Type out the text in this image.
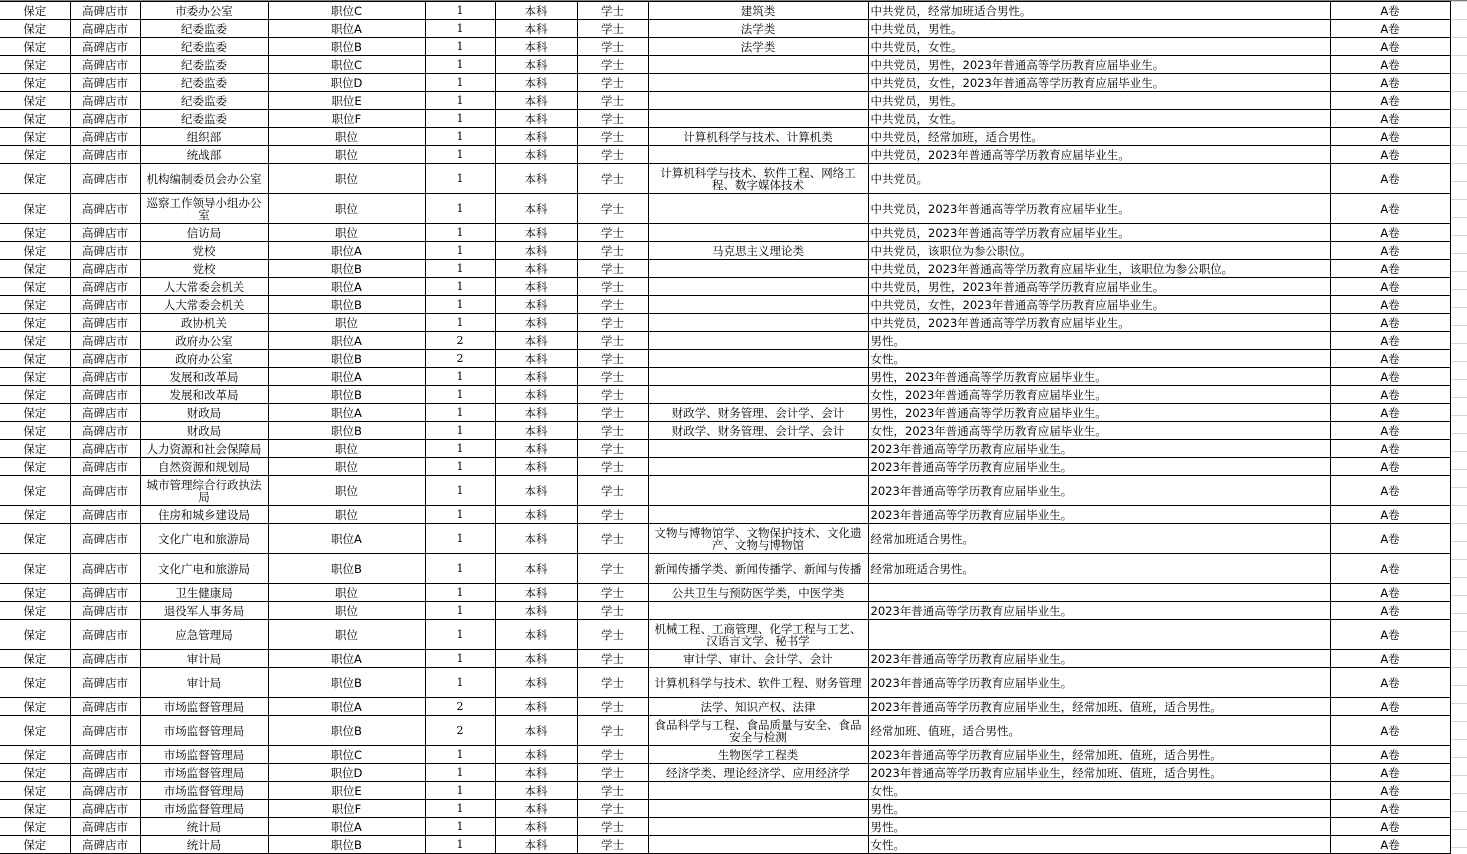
保定	高碑店市	市委办公室	职位C	1	本科	学士	建筑类	中共党员，经常加班适合男性。	A卷
保定	高碑店市	纪委监委	职位A	1	本科	学士	法学类	中共党员，男性。	A卷
保定	高碑店市	纪委监委	职位B	1	本科	学士	法学类	中共党员，女性。	A卷
保定	高碑店市	纪委监委	职位C	1	本科	学士		中共党员，男性，2023年普通高等学历教育应届毕业生。	A卷
保定	高碑店市	纪委监委	职位D	1	本科	学士		中共党员，女性，2023年普通高等学历教育应届毕业生。	A卷
保定	高碑店市	纪委监委	职位E	1	本科	学士		中共党员，男性。	A卷
保定	高碑店市	纪委监委	职位F	1	本科	学士		中共党员，女性。	A卷
保定	高碑店市	组织部	职位	1	本科	学士	计算机科学与技术、计算机类	中共党员，经常加班，适合男性。	A卷
保定	高碑店市	统战部	职位	1	本科	学士		中共党员，2023年普通高等学历教育应届毕业生。	A卷
保定	高碑店市	机构编制委员会办公室	职位	1	本科	学士	计算机科学与技术、软件工程、网络工程、数字媒体技术	中共党员。	A卷
保定	高碑店市	巡察工作领导小组办公室	职位	1	本科	学士		中共党员，2023年普通高等学历教育应届毕业生。	A卷
保定	高碑店市	信访局	职位	1	本科	学士		中共党员，2023年普通高等学历教育应届毕业生。	A卷
保定	高碑店市	党校	职位A	1	本科	学士	马克思主义理论类	中共党员，该职位为参公职位。	A卷
保定	高碑店市	党校	职位B	1	本科	学士		中共党员，2023年普通高等学历教育应届毕业生，该职位为参公职位。	A卷
保定	高碑店市	人大常委会机关	职位A	1	本科	学士		中共党员，男性，2023年普通高等学历教育应届毕业生。	A卷
保定	高碑店市	人大常委会机关	职位B	1	本科	学士		中共党员，女性，2023年普通高等学历教育应届毕业生。	A卷
保定	高碑店市	政协机关	职位	1	本科	学士		中共党员，2023年普通高等学历教育应届毕业生。	A卷
保定	高碑店市	政府办公室	职位A	2	本科	学士		男性。	A卷
保定	高碑店市	政府办公室	职位B	2	本科	学士		女性。	A卷
保定	高碑店市	发展和改革局	职位A	1	本科	学士		男性，2023年普通高等学历教育应届毕业生。	A卷
保定	高碑店市	发展和改革局	职位B	1	本科	学士		女性，2023年普通高等学历教育应届毕业生。	A卷
保定	高碑店市	财政局	职位A	1	本科	学士	财政学、财务管理、会计学、会计	男性，2023年普通高等学历教育应届毕业生。	A卷
保定	高碑店市	财政局	职位B	1	本科	学士	财政学、财务管理、会计学、会计	女性，2023年普通高等学历教育应届毕业生。	A卷
保定	高碑店市	人力资源和社会保障局	职位	1	本科	学士		2023年普通高等学历教育应届毕业生。	A卷
保定	高碑店市	自然资源和规划局	职位	1	本科	学士		2023年普通高等学历教育应届毕业生。	A卷
保定	高碑店市	城市管理综合行政执法局	职位	1	本科	学士		2023年普通高等学历教育应届毕业生。	A卷
保定	高碑店市	住房和城乡建设局	职位	1	本科	学士		2023年普通高等学历教育应届毕业生。	A卷
保定	高碑店市	文化广电和旅游局	职位A	1	本科	学士	文物与博物馆学、文物保护技术、文化遗产、文物与博物馆	经常加班适合男性。	A卷
保定	高碑店市	文化广电和旅游局	职位B	1	本科	学士	新闻传播学类、新闻传播学、新闻与传播	经常加班适合男性。	A卷
保定	高碑店市	卫生健康局	职位	1	本科	学士	公共卫生与预防医学类，中医学类		A卷
保定	高碑店市	退役军人事务局	职位	1	本科	学士		2023年普通高等学历教育应届毕业生。	A卷
保定	高碑店市	应急管理局	职位	1	本科	学士	机械工程、工商管理、化学工程与工艺、汉语言文学、秘书学		A卷
保定	高碑店市	审计局	职位A	1	本科	学士	审计学、审计、会计学、会计	2023年普通高等学历教育应届毕业生。	A卷
保定	高碑店市	审计局	职位B	1	本科	学士	计算机科学与技术、软件工程、财务管理	2023年普通高等学历教育应届毕业生。	A卷
保定	高碑店市	市场监督管理局	职位A	2	本科	学士	法学、知识产权、法律	2023年普通高等学历教育应届毕业生，经常加班、值班，适合男性。	A卷
保定	高碑店市	市场监督管理局	职位B	2	本科	学士	食品科学与工程、食品质量与安全、食品安全与检测	经常加班、值班，适合男性。	A卷
保定	高碑店市	市场监督管理局	职位C	1	本科	学士	生物医学工程类	2023年普通高等学历教育应届毕业生，经常加班、值班，适合男性。	A卷
保定	高碑店市	市场监督管理局	职位D	1	本科	学士	经济学类、理论经济学、应用经济学	2023年普通高等学历教育应届毕业生，经常加班、值班，适合男性。	A卷
保定	高碑店市	市场监督管理局	职位E	1	本科	学士		女性。	A卷
保定	高碑店市	市场监督管理局	职位F	1	本科	学士		男性。	A卷
保定	高碑店市	统计局	职位A	1	本科	学士		男性。	A卷
保定	高碑店市	统计局	职位B	1	本科	学士		女性。	A卷
